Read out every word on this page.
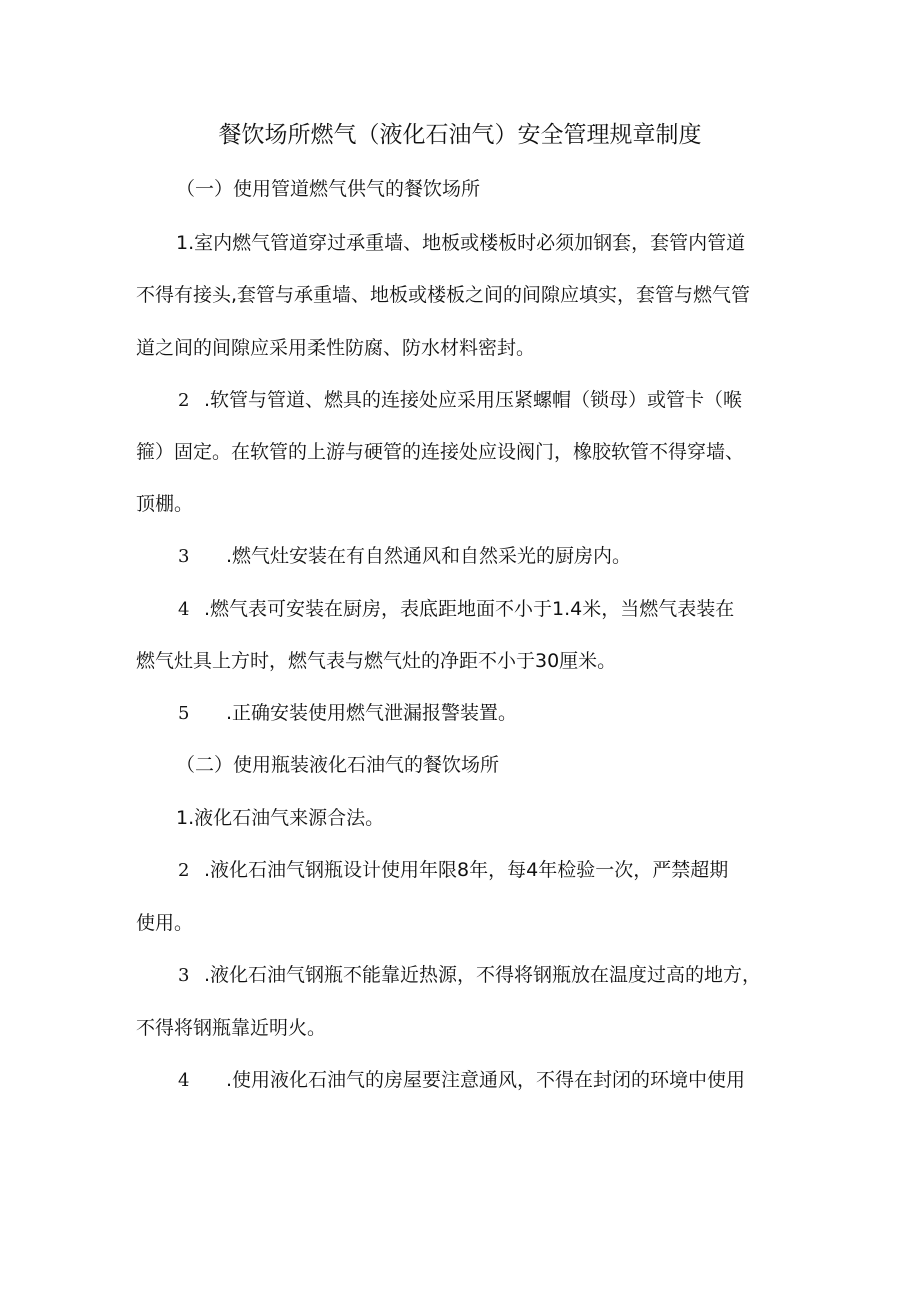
餐饮场所燃气（液化石油气）安全管理规章制度
（一）使用管道燃气供气的餐饮场所
1.室内燃气管道穿过承重墙、地板或楼板时必须加钢套，套管内管道
不得有接头,套管与承重墙、地板或楼板之间的间隙应填实，套管与燃气管
道之间的间隙应采用柔性防腐、防水材料密封。
2 .软管与管道、燃具的连接处应采用压紧螺帽（锁母）或管卡（喉
箍）固定。在软管的上游与硬管的连接处应设阀门，橡胶软管不得穿墙、
顶棚。
3 .燃气灶安装在有自然通风和自然采光的厨房内。
4 .燃气表可安装在厨房，表底距地面不小于1.4米，当燃气表装在
燃气灶具上方时，燃气表与燃气灶的净距不小于30厘米。
5 .正确安装使用燃气泄漏报警装置。
（二）使用瓶装液化石油气的餐饮场所
1.液化石油气来源合法。
2 .液化石油气钢瓶设计使用年限8年，每4年检验一次，严禁超期
使用。
3 .液化石油气钢瓶不能靠近热源，不得将钢瓶放在温度过高的地方，
不得将钢瓶靠近明火。
4 .使用液化石油气的房屋要注意通风，不得在封闭的环境中使用
